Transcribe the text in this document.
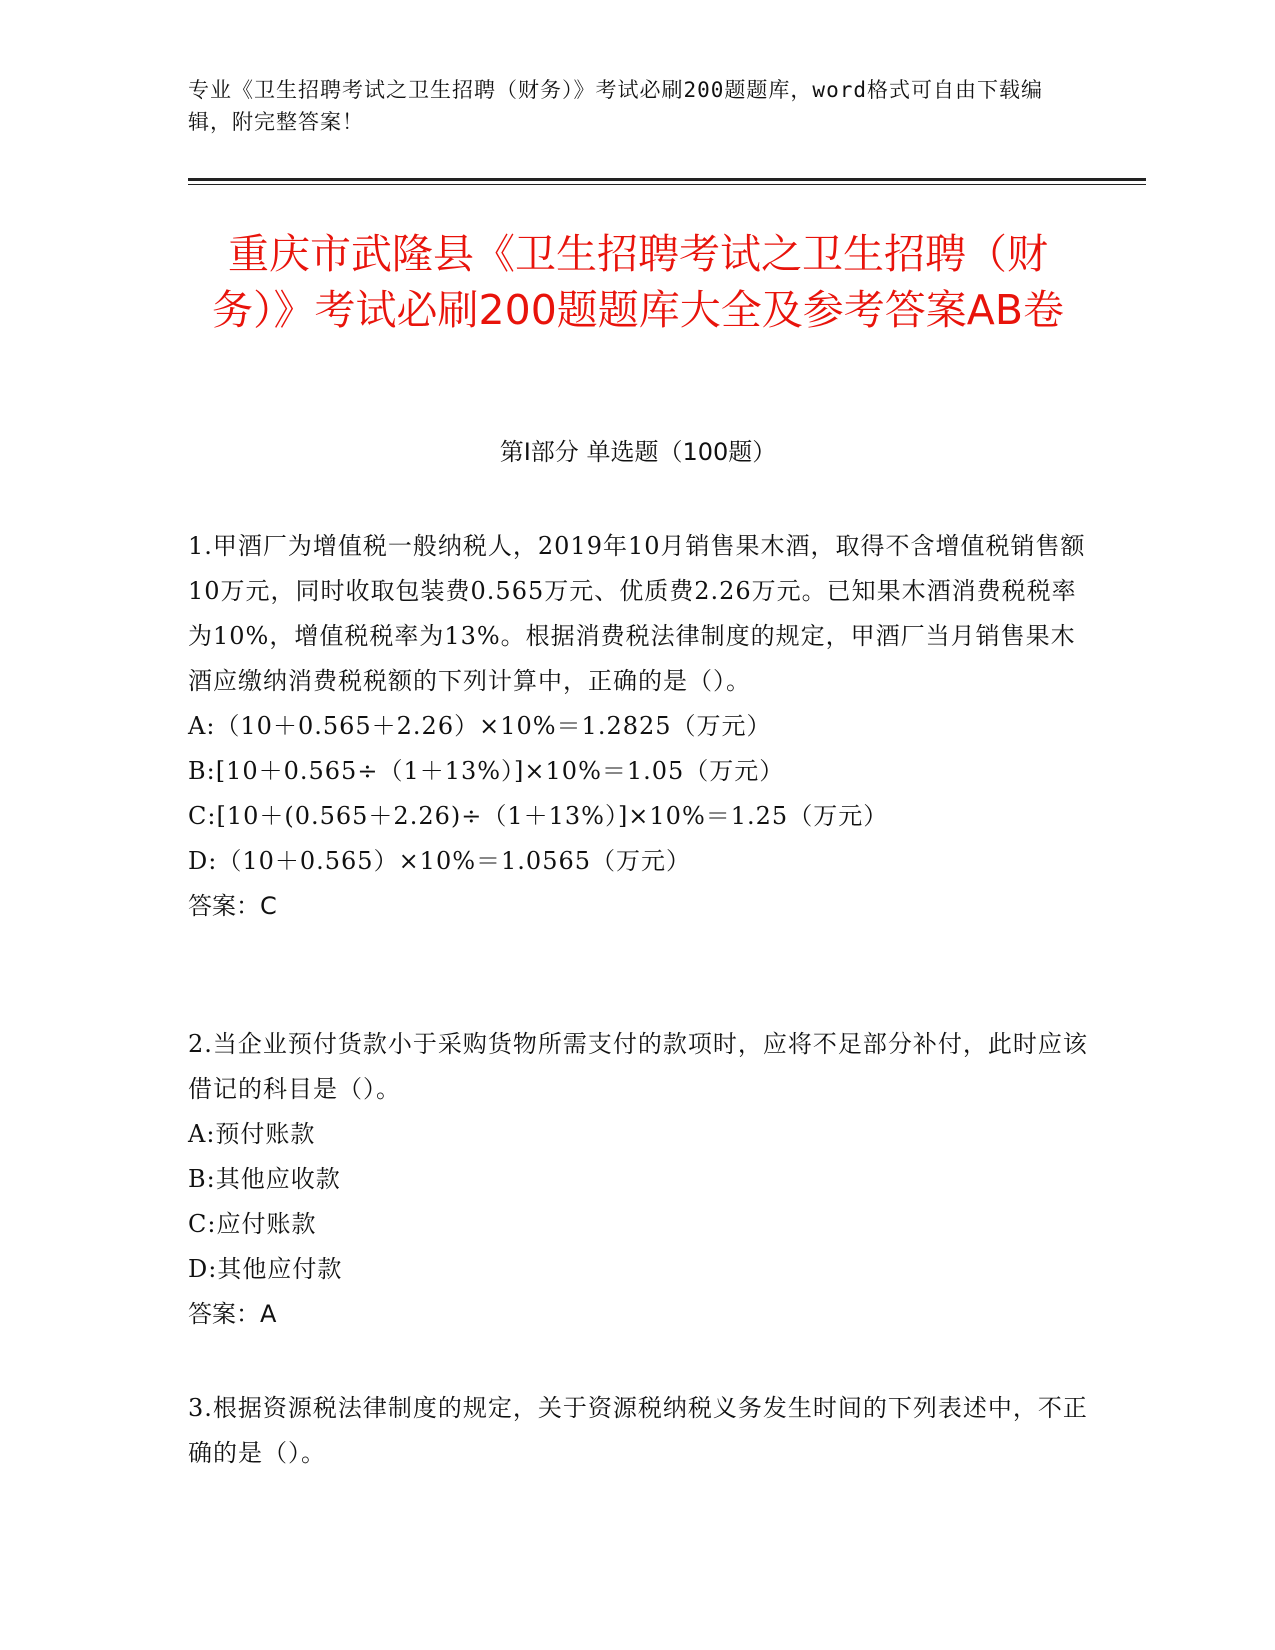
专业《卫生招聘考试之卫生招聘（财务）》考试必刷200题题库，word格式可自由下载编辑，附完整答案！
重庆市武隆县《卫生招聘考试之卫生招聘（财务）》考试必刷200题题库大全及参考答案AB卷
第Ⅰ部分 单选题（100题）
1.甲酒厂为增值税一般纳税人，2019年10月销售果木酒，取得不含增值税销售额10万元，同时收取包装费0.565万元、优质费2.26万元。已知果木酒消费税税率为10%，增值税税率为13%。根据消费税法律制度的规定，甲酒厂当月销售果木酒应缴纳消费税税额的下列计算中，正确的是（）。
A:（10＋0.565＋2.26）×10%＝1.2825（万元）
B:[10＋0.565÷（1＋13%）]×10%＝1.05（万元）
C:[10＋(0.565＋2.26)÷（1＋13%）]×10%＝1.25（万元）
D:（10＋0.565）×10%＝1.0565（万元）
答案：C
2.当企业预付货款小于采购货物所需支付的款项时，应将不足部分补付，此时应该借记的科目是（）。
A:预付账款
B:其他应收款
C:应付账款
D:其他应付款
答案：A
3.根据资源税法律制度的规定，关于资源税纳税义务发生时间的下列表述中，不正确的是（）。
